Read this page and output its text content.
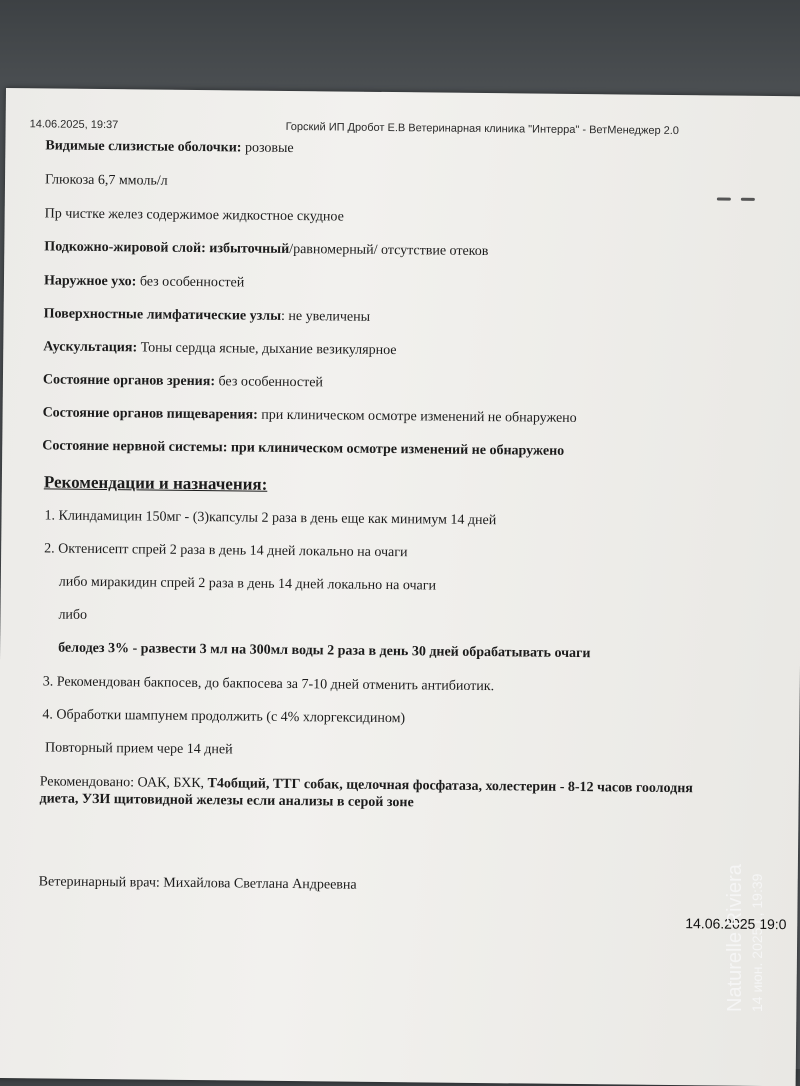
14.06.2025, 19:37	Горский ИП Дробот Е.В Ветеринарная клиника "Интерра" - ВетМенеджер 2.0
Видимые слизистые оболочки: розовые
Глюкоза 6,7 ммоль/л
Пр чистке желез содержимое жидкостное скудное
Подкожно-жировой слой: избыточный/равномерный/ отсутствие отеков
Наружное ухо: без особенностей
Поверхностные лимфатические узлы: не увеличены
Аускультация: Тоны сердца ясные, дыхание везикулярное
Состояние органов зрения: без особенностей
Состояние органов пищеварения: при клиническом осмотре изменений не обнаружено
Состояние нервной системы: при клиническом осмотре изменений не обнаружено
Рекомендации и назначения:
1. Клиндамицин 150мг - (3)капсулы 2 раза в день еще как минимум 14 дней
2. Октенисепт спрей 2 раза в день 14 дней локально на очаги
либо миракидин спрей 2 раза в день 14 дней локально на очаги
либо
белодез 3% - развести 3 мл на 300мл воды 2 раза в день 30 дней обрабатывать очаги
3. Рекомендован бакпосев, до бакпосева за 7-10 дней отменить антибиотик.
4. Обработки шампунем продолжить (с 4% хлоргексидином)
Повторный прием чере 14 дней
Рекомендовано: ОАК, БХК, Т4общий, ТТГ собак, щелочная фосфатаза, холестерин - 8-12 часов гоолодня
диета, УЗИ щитовидной железы если анализы в серой зоне
Ветеринарный врач: Михайлова Светлана Андреевна
14.06.2025 19:0
Naturelle Riviera 14 июн. 2025 г., 19:39
